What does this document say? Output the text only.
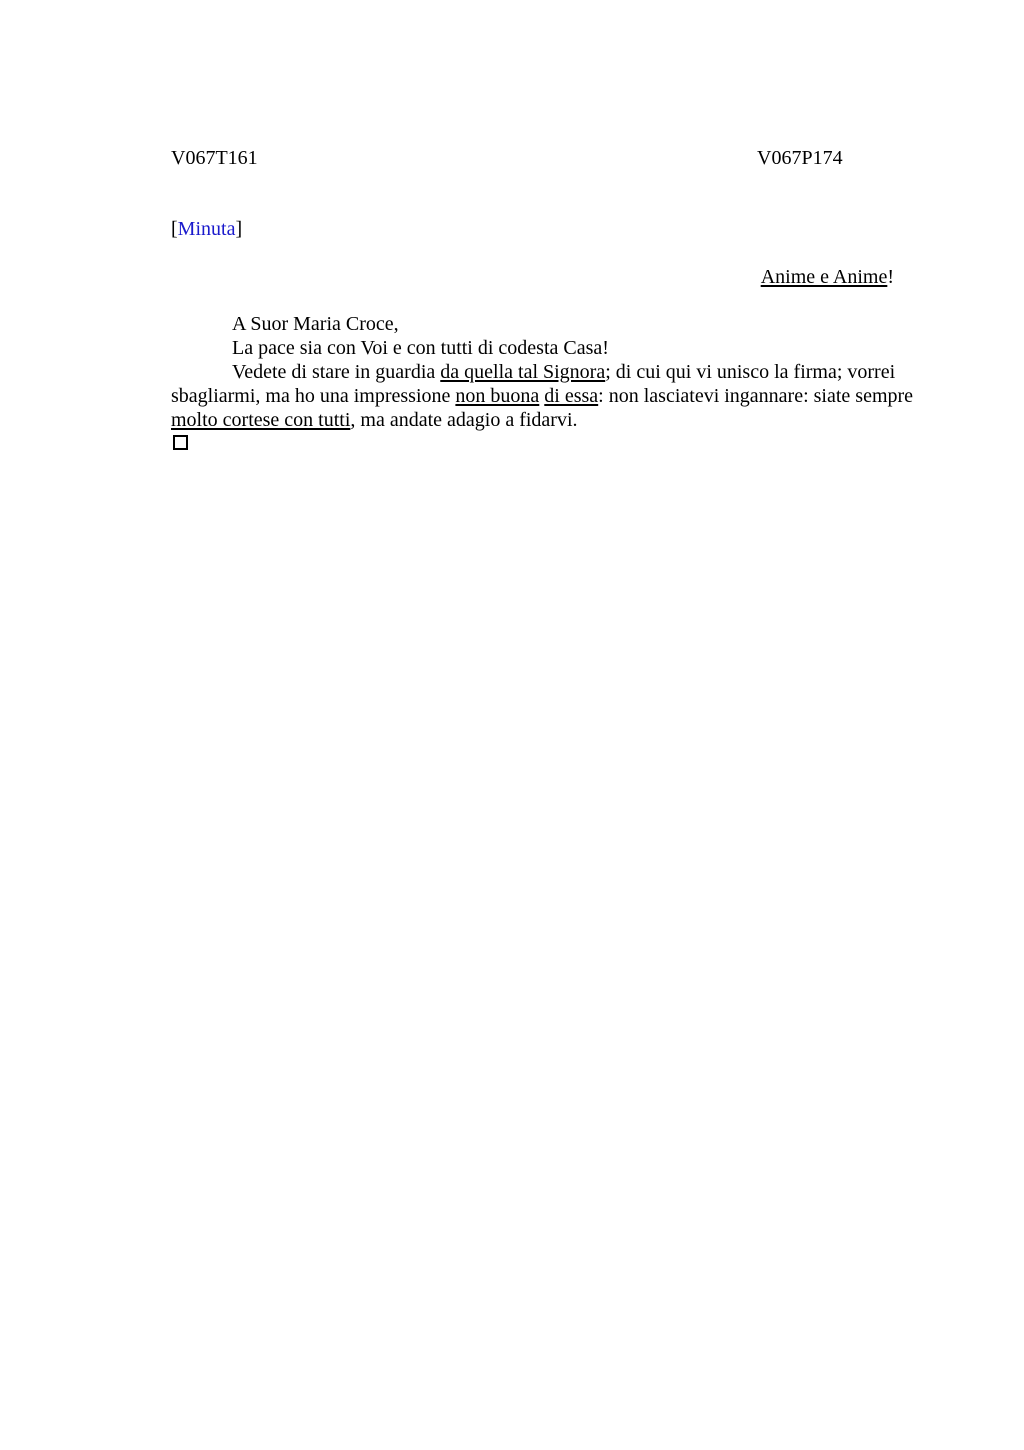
V067T161	V067P174
[Minuta]
Anime e Anime!

A Suor Maria Croce,

La pace sia con Voi e con tutti di codesta Casa!

Vedete di stare in guardia da quella tal Signora; di cui qui vi unisco la firma; vorrei sbagliarmi, ma ho una impressione non buona di essa: non lasciatevi ingannare: siate sempre molto cortese con tutti, ma andate adagio a fidarvi.
